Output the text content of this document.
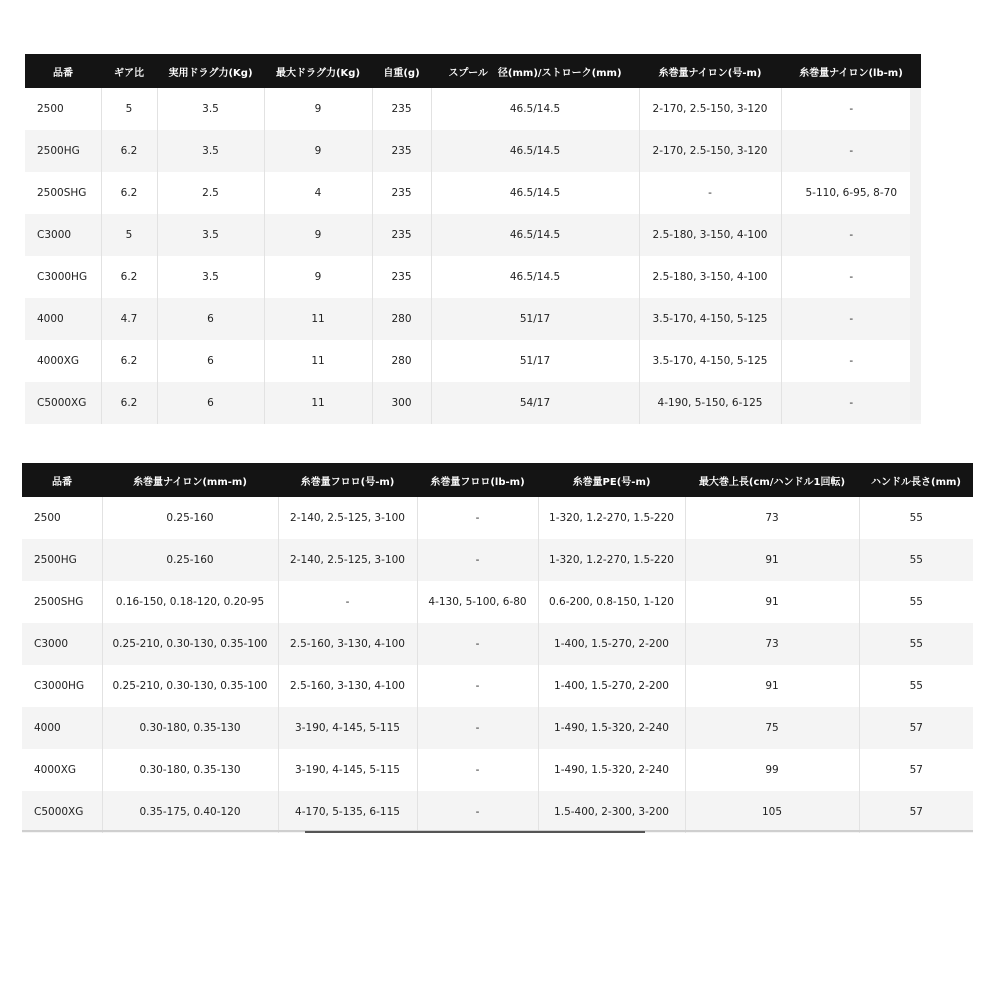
品番	ギア比	実用ドラグ力(Kg)	最大ドラグ力(Kg)	自重(g)	スプール　径(mm)/ストローク(mm)	糸巻量ナイロン(号-m)	糸巻量ナイロン(lb-m)
2500	5	3.5	9	235	46.5/14.5	2-170, 2.5-150, 3-120	-
2500HG	6.2	3.5	9	235	46.5/14.5	2-170, 2.5-150, 3-120	-
2500SHG	6.2	2.5	4	235	46.5/14.5	-	5-110, 6-95, 8-70
C3000	5	3.5	9	235	46.5/14.5	2.5-180, 3-150, 4-100	-
C3000HG	6.2	3.5	9	235	46.5/14.5	2.5-180, 3-150, 4-100	-
4000	4.7	6	11	280	51/17	3.5-170, 4-150, 5-125	-
4000XG	6.2	6	11	280	51/17	3.5-170, 4-150, 5-125	-
C5000XG	6.2	6	11	300	54/17	4-190, 5-150, 6-125	-
品番	糸巻量ナイロン(mm-m)	糸巻量フロロ(号-m)	糸巻量フロロ(lb-m)	糸巻量PE(号-m)	最大巻上長(cm/ハンドル1回転)	ハンドル長さ(mm)
2500	0.25-160	2-140, 2.5-125, 3-100	-	1-320, 1.2-270, 1.5-220	73	55
2500HG	0.25-160	2-140, 2.5-125, 3-100	-	1-320, 1.2-270, 1.5-220	91	55
2500SHG	0.16-150, 0.18-120, 0.20-95	-	4-130, 5-100, 6-80	0.6-200, 0.8-150, 1-120	91	55
C3000	0.25-210, 0.30-130, 0.35-100	2.5-160, 3-130, 4-100	-	1-400, 1.5-270, 2-200	73	55
C3000HG	0.25-210, 0.30-130, 0.35-100	2.5-160, 3-130, 4-100	-	1-400, 1.5-270, 2-200	91	55
4000	0.30-180, 0.35-130	3-190, 4-145, 5-115	-	1-490, 1.5-320, 2-240	75	57
4000XG	0.30-180, 0.35-130	3-190, 4-145, 5-115	-	1-490, 1.5-320, 2-240	99	57
C5000XG	0.35-175, 0.40-120	4-170, 5-135, 6-115	-	1.5-400, 2-300, 3-200	105	57
